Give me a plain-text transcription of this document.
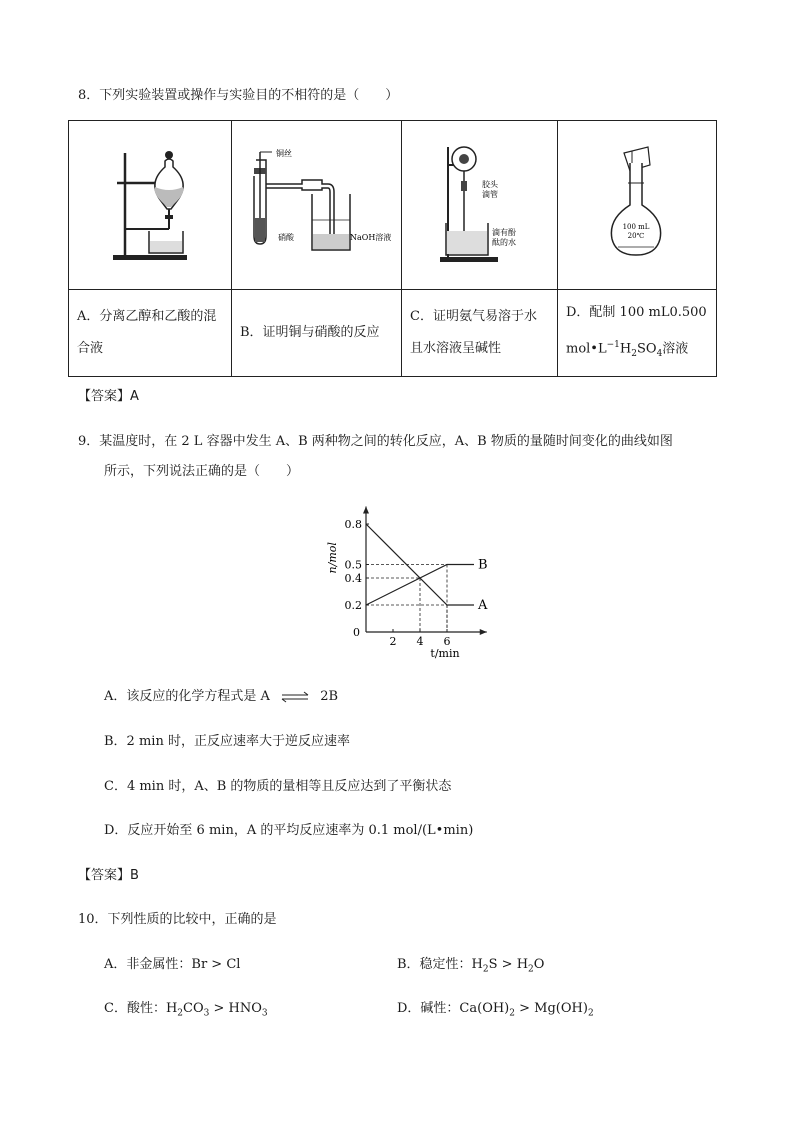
8．下列实验装置或操作与实验目的不相符的是（　　）

铜丝
硝酸 NaOH溶液	胶头
滴管
滴有酚
酞的水	100 mL
20℃

A．分离乙醇和乙酸的混合液	B．证明铜与硝酸的反应	C．证明氨气易溶于水且水溶液呈碱性	D．配制 100 mL0.500 $mol•L^{-1}H_2SO_4$溶液
【答案】A
9．某温度时，在 2 L 容器中发生 A、B 两种物之间的转化反应，A、B 物质的量随时间变化的曲线如图
所示，下列说法正确的是（　　）
2 4 6
0.8
0.5
0.4
0.2
0
n/mol
t/min
A
B
A．该反应的化学方程式是 A ⇌ 2B
B．2 min 时，正反应速率大于逆反应速率
C．4 min 时，A、B 的物质的量相等且反应达到了平衡状态
D．反应开始至 6 min，A 的平均反应速率为 0.1 mol/(L•min)
【答案】B
10．下列性质的比较中，正确的是
A．非金属性：Br > Cl	B．稳定性：$H_2S > H_2O$
C．酸性：$H_2CO_3 > HNO_3$	D．碱性：$Ca(OH)_2 > Mg(OH)_2$
